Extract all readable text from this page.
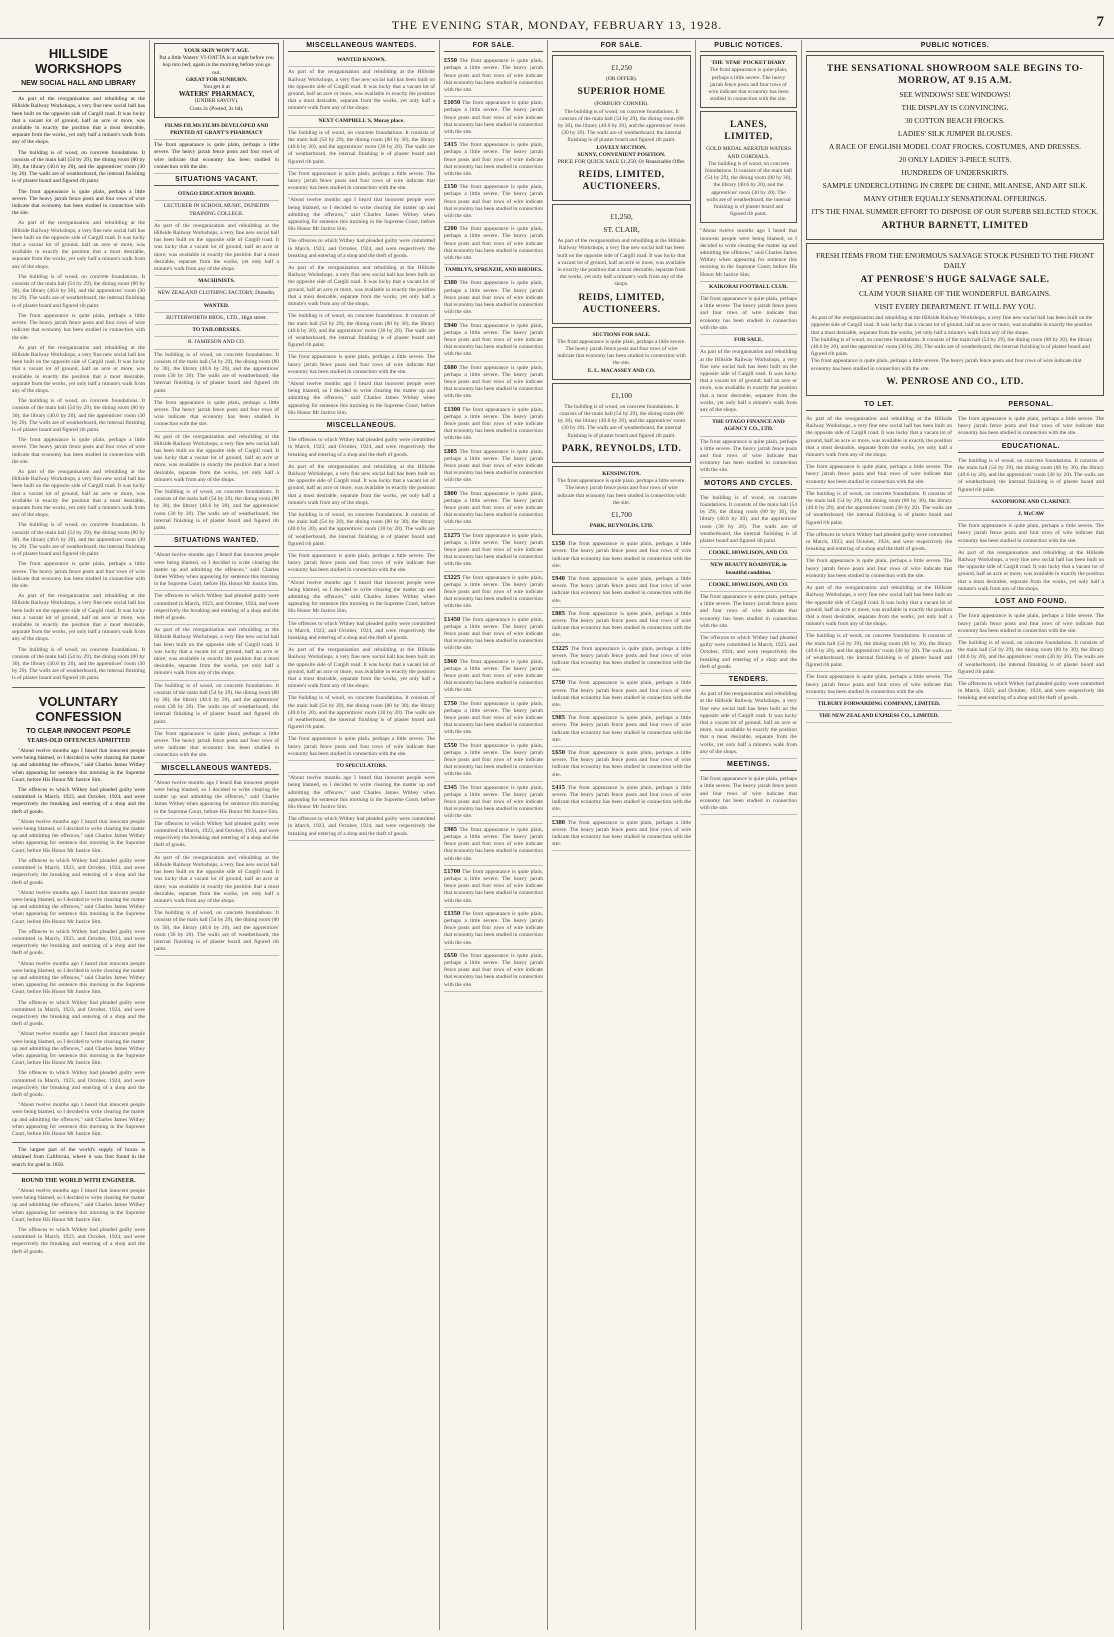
THE EVENING STAR, MONDAY, FEBRUARY 13, 1928.	7
HILLSIDE WORKSHOPS
NEW SOCIAL HALL AND LIBRARY

As part of the reorganisation and rebuilding at the Hillside Railway Workshops, a very fine new social hall has been built on the opposite side of Cargill road. It was lucky that a vacant lot of ground, half an acre or more, was available in exactly the position that a most desirable, separate from the works, yet only half a minute's walk from any of the shops.

The building is of wood, on concrete foundations. It consists of the main hall (54 by 29), the dining room (80 by 30), the library (40.6 by 20), and the apprentices' room (30 by 20). The walls are of weatherboard, the internal finishing is of plaster board and figured rib paint.

The front appearance is quite plain, perhaps a little severe. The heavy jarrah fence posts and four rows of wire indicate that economy has been studied in connection with the site.

As part of the reorganisation and rebuilding at the Hillside Railway Workshops, a very fine new social hall has been built on the opposite side of Cargill road. It was lucky that a vacant lot of ground, half an acre or more, was available in exactly the position that a most desirable, separate from the works, yet only half a minute's walk from any of the shops.

The building is of wood, on concrete foundations. It consists of the main hall (54 by 29), the dining room (80 by 30), the library (40.6 by 20), and the apprentices' room (30 by 20). The walls are of weatherboard, the internal finishing is of plaster board and figured rib paint.

The front appearance is quite plain, perhaps a little severe. The heavy jarrah fence posts and four rows of wire indicate that economy has been studied in connection with the site.

As part of the reorganisation and rebuilding at the Hillside Railway Workshops, a very fine new social hall has been built on the opposite side of Cargill road. It was lucky that a vacant lot of ground, half an acre or more, was available in exactly the position that a most desirable, separate from the works, yet only half a minute's walk from any of the shops.

The building is of wood, on concrete foundations. It consists of the main hall (54 by 29), the dining room (80 by 30), the library (40.6 by 20), and the apprentices' room (30 by 20). The walls are of weatherboard, the internal finishing is of plaster board and figured rib paint.

The front appearance is quite plain, perhaps a little severe. The heavy jarrah fence posts and four rows of wire indicate that economy has been studied in connection with the site.

As part of the reorganisation and rebuilding at the Hillside Railway Workshops, a very fine new social hall has been built on the opposite side of Cargill road. It was lucky that a vacant lot of ground, half an acre or more, was available in exactly the position that a most desirable, separate from the works, yet only half a minute's walk from any of the shops.

The building is of wood, on concrete foundations. It consists of the main hall (54 by 29), the dining room (80 by 30), the library (40.6 by 20), and the apprentices' room (30 by 20). The walls are of weatherboard, the internal finishing is of plaster board and figured rib paint.

The front appearance is quite plain, perhaps a little severe. The heavy jarrah fence posts and four rows of wire indicate that economy has been studied in connection with the site.

As part of the reorganisation and rebuilding at the Hillside Railway Workshops, a very fine new social hall has been built on the opposite side of Cargill road. It was lucky that a vacant lot of ground, half an acre or more, was available in exactly the position that a most desirable, separate from the works, yet only half a minute's walk from any of the shops.

The building is of wood, on concrete foundations. It consists of the main hall (54 by 29), the dining room (80 by 30), the library (40.6 by 20), and the apprentices' room (30 by 20). The walls are of weatherboard, the internal finishing is of plaster board and figured rib paint.

VOLUNTARY CONFESSION
TO CLEAR INNOCENT PEOPLE
YEARS-OLD OFFENCES ADMITTED

"About twelve months ago I heard that innocent people were being blamed, so I decided to write clearing the matter up and admitting the offences," said Charles James Withey when appearing for sentence this morning in the Supreme Court, before His Honor Mr Justice Sim.

The offences to which Withey had pleaded guilty were committed in March, 1923, and October, 1924, and were respectively the breaking and entering of a shop and the theft of goods.

"About twelve months ago I heard that innocent people were being blamed, so I decided to write clearing the matter up and admitting the offences," said Charles James Withey when appearing for sentence this morning in the Supreme Court, before His Honor Mr Justice Sim.

The offences to which Withey had pleaded guilty were committed in March, 1923, and October, 1924, and were respectively the breaking and entering of a shop and the theft of goods.

"About twelve months ago I heard that innocent people were being blamed, so I decided to write clearing the matter up and admitting the offences," said Charles James Withey when appearing for sentence this morning in the Supreme Court, before His Honor Mr Justice Sim.

The offences to which Withey had pleaded guilty were committed in March, 1923, and October, 1924, and were respectively the breaking and entering of a shop and the theft of goods.

"About twelve months ago I heard that innocent people were being blamed, so I decided to write clearing the matter up and admitting the offences," said Charles James Withey when appearing for sentence this morning in the Supreme Court, before His Honor Mr Justice Sim.

The offences to which Withey had pleaded guilty were committed in March, 1923, and October, 1924, and were respectively the breaking and entering of a shop and the theft of goods.

"About twelve months ago I heard that innocent people were being blamed, so I decided to write clearing the matter up and admitting the offences," said Charles James Withey when appearing for sentence this morning in the Supreme Court, before His Honor Mr Justice Sim.

The offences to which Withey had pleaded guilty were committed in March, 1923, and October, 1924, and were respectively the breaking and entering of a shop and the theft of goods.

"About twelve months ago I heard that innocent people were being blamed, so I decided to write clearing the matter up and admitting the offences," said Charles James Withey when appearing for sentence this morning in the Supreme Court, before His Honor Mr Justice Sim.

The largest part of the world's supply of borax is obtained from California, where it was first found in the search for gold in 1856.

ROUND THE WORLD WITH ENGINEER.

"About twelve months ago I heard that innocent people were being blamed, so I decided to write clearing the matter up and admitting the offences," said Charles James Withey when appearing for sentence this morning in the Supreme Court, before His Honor Mr Justice Sim.

The offences to which Withey had pleaded guilty were committed in March, 1923, and October, 1924, and were respectively the breaking and entering of a shop and the theft of goods.

YOUR SKIN WON'T AGE.
Pat a little Waters' VI-OATTA in at night before you hop into bed; again in the morning before you go out.
GREAT FOR SUNBURN.
You get it at
WATERS' PHARMACY,
(UNDER SAVOY).
Costs 2s (Posted, 2s 6d).
FILMS FILMS FILMS DEVELOPED AND PRINTED AT GRANT'S PHARMACY
The front appearance is quite plain, perhaps a little severe. The heavy jarrah fence posts and four rows of wire indicate that economy has been studied in connection with the site.
SITUATIONS VACANT.
OTAGO EDUCATION BOARD.
LECTURER IN SCHOOL MUSIC, DUNEDIN TRAINING COLLEGE.
As part of the reorganisation and rebuilding at the Hillside Railway Workshops, a very fine new social hall has been built on the opposite side of Cargill road. It was lucky that a vacant lot of ground, half an acre or more, was available in exactly the position that a most desirable, separate from the works, yet only half a minute's walk from any of the shops.
MACHINISTS.
NEW ZEALAND CLOTHING FACTORY, Dunedin.
WANTED.
BUTTERWORTH BROS., LTD., High street.
TO TAILORESSES.
R. JAMIESON AND CO.
The building is of wood, on concrete foundations. It consists of the main hall (54 by 29), the dining room (80 by 30), the library (40.6 by 20), and the apprentices' room (30 by 20). The walls are of weatherboard, the internal finishing is of plaster board and figured rib paint.
The front appearance is quite plain, perhaps a little severe. The heavy jarrah fence posts and four rows of wire indicate that economy has been studied in connection with the site.
As part of the reorganisation and rebuilding at the Hillside Railway Workshops, a very fine new social hall has been built on the opposite side of Cargill road. It was lucky that a vacant lot of ground, half an acre or more, was available in exactly the position that a most desirable, separate from the works, yet only half a minute's walk from any of the shops.
The building is of wood, on concrete foundations. It consists of the main hall (54 by 29), the dining room (80 by 30), the library (40.6 by 20), and the apprentices' room (30 by 20). The walls are of weatherboard, the internal finishing is of plaster board and figured rib paint.
SITUATIONS WANTED.
"About twelve months ago I heard that innocent people were being blamed, so I decided to write clearing the matter up and admitting the offences," said Charles James Withey when appearing for sentence this morning in the Supreme Court, before His Honor Mr Justice Sim.
The offences to which Withey had pleaded guilty were committed in March, 1923, and October, 1924, and were respectively the breaking and entering of a shop and the theft of goods.
As part of the reorganisation and rebuilding at the Hillside Railway Workshops, a very fine new social hall has been built on the opposite side of Cargill road. It was lucky that a vacant lot of ground, half an acre or more, was available in exactly the position that a most desirable, separate from the works, yet only half a minute's walk from any of the shops.
The building is of wood, on concrete foundations. It consists of the main hall (54 by 29), the dining room (80 by 30), the library (40.6 by 20), and the apprentices' room (30 by 20). The walls are of weatherboard, the internal finishing is of plaster board and figured rib paint.
The front appearance is quite plain, perhaps a little severe. The heavy jarrah fence posts and four rows of wire indicate that economy has been studied in connection with the site.
MISCELLANEOUS WANTEDS.
"About twelve months ago I heard that innocent people were being blamed, so I decided to write clearing the matter up and admitting the offences," said Charles James Withey when appearing for sentence this morning in the Supreme Court, before His Honor Mr Justice Sim.
The offences to which Withey had pleaded guilty were committed in March, 1923, and October, 1924, and were respectively the breaking and entering of a shop and the theft of goods.
As part of the reorganisation and rebuilding at the Hillside Railway Workshops, a very fine new social hall has been built on the opposite side of Cargill road. It was lucky that a vacant lot of ground, half an acre or more, was available in exactly the position that a most desirable, separate from the works, yet only half a minute's walk from any of the shops.
The building is of wood, on concrete foundations. It consists of the main hall (54 by 29), the dining room (80 by 30), the library (40.6 by 20), and the apprentices' room (30 by 20). The walls are of weatherboard, the internal finishing is of plaster board and figured rib paint.
MISCELLANEOUS WANTEDS.
WANTED KNOWN.
As part of the reorganisation and rebuilding at the Hillside Railway Workshops, a very fine new social hall has been built on the opposite side of Cargill road. It was lucky that a vacant lot of ground, half an acre or more, was available in exactly the position that a most desirable, separate from the works, yet only half a minute's walk from any of the shops.
NEXT CAMPBELL'S, Moray place.
The building is of wood, on concrete foundations. It consists of the main hall (54 by 29), the dining room (80 by 30), the library (40.6 by 20), and the apprentices' room (30 by 20). The walls are of weatherboard, the internal finishing is of plaster board and figured rib paint.
The front appearance is quite plain, perhaps a little severe. The heavy jarrah fence posts and four rows of wire indicate that economy has been studied in connection with the site.
"About twelve months ago I heard that innocent people were being blamed, so I decided to write clearing the matter up and admitting the offences," said Charles James Withey when appearing for sentence this morning in the Supreme Court, before His Honor Mr Justice Sim.
The offences to which Withey had pleaded guilty were committed in March, 1923, and October, 1924, and were respectively the breaking and entering of a shop and the theft of goods.
As part of the reorganisation and rebuilding at the Hillside Railway Workshops, a very fine new social hall has been built on the opposite side of Cargill road. It was lucky that a vacant lot of ground, half an acre or more, was available in exactly the position that a most desirable, separate from the works, yet only half a minute's walk from any of the shops.
The building is of wood, on concrete foundations. It consists of the main hall (54 by 29), the dining room (80 by 30), the library (40.6 by 20), and the apprentices' room (30 by 20). The walls are of weatherboard, the internal finishing is of plaster board and figured rib paint.
The front appearance is quite plain, perhaps a little severe. The heavy jarrah fence posts and four rows of wire indicate that economy has been studied in connection with the site.
"About twelve months ago I heard that innocent people were being blamed, so I decided to write clearing the matter up and admitting the offences," said Charles James Withey when appearing for sentence this morning in the Supreme Court, before His Honor Mr Justice Sim.
MISCELLANEOUS.
The offences to which Withey had pleaded guilty were committed in March, 1923, and October, 1924, and were respectively the breaking and entering of a shop and the theft of goods.
As part of the reorganisation and rebuilding at the Hillside Railway Workshops, a very fine new social hall has been built on the opposite side of Cargill road. It was lucky that a vacant lot of ground, half an acre or more, was available in exactly the position that a most desirable, separate from the works, yet only half a minute's walk from any of the shops.
The building is of wood, on concrete foundations. It consists of the main hall (54 by 29), the dining room (80 by 30), the library (40.6 by 20), and the apprentices' room (30 by 20). The walls are of weatherboard, the internal finishing is of plaster board and figured rib paint.
The front appearance is quite plain, perhaps a little severe. The heavy jarrah fence posts and four rows of wire indicate that economy has been studied in connection with the site.
"About twelve months ago I heard that innocent people were being blamed, so I decided to write clearing the matter up and admitting the offences," said Charles James Withey when appearing for sentence this morning in the Supreme Court, before His Honor Mr Justice Sim.
The offences to which Withey had pleaded guilty were committed in March, 1923, and October, 1924, and were respectively the breaking and entering of a shop and the theft of goods.
As part of the reorganisation and rebuilding at the Hillside Railway Workshops, a very fine new social hall has been built on the opposite side of Cargill road. It was lucky that a vacant lot of ground, half an acre or more, was available in exactly the position that a most desirable, separate from the works, yet only half a minute's walk from any of the shops.
The building is of wood, on concrete foundations. It consists of the main hall (54 by 29), the dining room (80 by 30), the library (40.6 by 20), and the apprentices' room (30 by 20). The walls are of weatherboard, the internal finishing is of plaster board and figured rib paint.
The front appearance is quite plain, perhaps a little severe. The heavy jarrah fence posts and four rows of wire indicate that economy has been studied in connection with the site.
TO SPECULATORS.
"About twelve months ago I heard that innocent people were being blamed, so I decided to write clearing the matter up and admitting the offences," said Charles James Withey when appearing for sentence this morning in the Supreme Court, before His Honor Mr Justice Sim.
The offences to which Withey had pleaded guilty were committed in March, 1923, and October, 1924, and were respectively the breaking and entering of a shop and the theft of goods.
FOR SALE.
£550 The front appearance is quite plain, perhaps a little severe. The heavy jarrah fence posts and four rows of wire indicate that economy has been studied in connection with the site.
£1050 The front appearance is quite plain, perhaps a little severe. The heavy jarrah fence posts and four rows of wire indicate that economy has been studied in connection with the site.
£415 The front appearance is quite plain, perhaps a little severe. The heavy jarrah fence posts and four rows of wire indicate that economy has been studied in connection with the site.
£150 The front appearance is quite plain, perhaps a little severe. The heavy jarrah fence posts and four rows of wire indicate that economy has been studied in connection with the site.
£200 The front appearance is quite plain, perhaps a little severe. The heavy jarrah fence posts and four rows of wire indicate that economy has been studied in connection with the site.
TAMBLYN, SPRENZIE, AND RHODES.
£380 The front appearance is quite plain, perhaps a little severe. The heavy jarrah fence posts and four rows of wire indicate that economy has been studied in connection with the site.
£940 The front appearance is quite plain, perhaps a little severe. The heavy jarrah fence posts and four rows of wire indicate that economy has been studied in connection with the site.
£680 The front appearance is quite plain, perhaps a little severe. The heavy jarrah fence posts and four rows of wire indicate that economy has been studied in connection with the site.
£1300 The front appearance is quite plain, perhaps a little severe. The heavy jarrah fence posts and four rows of wire indicate that economy has been studied in connection with the site.
£885 The front appearance is quite plain, perhaps a little severe. The heavy jarrah fence posts and four rows of wire indicate that economy has been studied in connection with the site.
£800 The front appearance is quite plain, perhaps a little severe. The heavy jarrah fence posts and four rows of wire indicate that economy has been studied in connection with the site.
£1275 The front appearance is quite plain, perhaps a little severe. The heavy jarrah fence posts and four rows of wire indicate that economy has been studied in connection with the site.
£3225 The front appearance is quite plain, perhaps a little severe. The heavy jarrah fence posts and four rows of wire indicate that economy has been studied in connection with the site.
£1450 The front appearance is quite plain, perhaps a little severe. The heavy jarrah fence posts and four rows of wire indicate that economy has been studied in connection with the site.
£860 The front appearance is quite plain, perhaps a little severe. The heavy jarrah fence posts and four rows of wire indicate that economy has been studied in connection with the site.
£750 The front appearance is quite plain, perhaps a little severe. The heavy jarrah fence posts and four rows of wire indicate that economy has been studied in connection with the site.
£550 The front appearance is quite plain, perhaps a little severe. The heavy jarrah fence posts and four rows of wire indicate that economy has been studied in connection with the site.
£345 The front appearance is quite plain, perhaps a little severe. The heavy jarrah fence posts and four rows of wire indicate that economy has been studied in connection with the site.
£985 The front appearance is quite plain, perhaps a little severe. The heavy jarrah fence posts and four rows of wire indicate that economy has been studied in connection with the site.
£1700 The front appearance is quite plain, perhaps a little severe. The heavy jarrah fence posts and four rows of wire indicate that economy has been studied in connection with the site.
£1350 The front appearance is quite plain, perhaps a little severe. The heavy jarrah fence posts and four rows of wire indicate that economy has been studied in connection with the site.
£650 The front appearance is quite plain, perhaps a little severe. The heavy jarrah fence posts and four rows of wire indicate that economy has been studied in connection with the site.
FOR SALE.
£1,250
(OR OFFER).
SUPERIOR HOME
(FORBURY CORNER).
The building is of wood, on concrete foundations. It consists of the main hall (54 by 29), the dining room (80 by 30), the library (40.6 by 20), and the apprentices' room (30 by 20). The walls are of weatherboard, the internal finishing is of plaster board and figured rib paint.
LOVELY SECTION.
SUNNY, CONVENIENT POSITION.
PRICE FOR QUICK SALE £1,250, Or Reasonable Offer.
REIDS, LIMITED, AUCTIONEERS.
£1,250,
ST. CLAIR,
As part of the reorganisation and rebuilding at the Hillside Railway Workshops, a very fine new social hall has been built on the opposite side of Cargill road. It was lucky that a vacant lot of ground, half an acre or more, was available in exactly the position that a most desirable, separate from the works, yet only half a minute's walk from any of the shops.
REIDS, LIMITED, AUCTIONEERS.
SECTIONS FOR SALE.
The front appearance is quite plain, perhaps a little severe. The heavy jarrah fence posts and four rows of wire indicate that economy has been studied in connection with the site.
E. L. MACASSEY AND CO.
£1,100
The building is of wood, on concrete foundations. It consists of the main hall (54 by 29), the dining room (80 by 30), the library (40.6 by 20), and the apprentices' room (30 by 20). The walls are of weatherboard, the internal finishing is of plaster board and figured rib paint.
PARK, REYNOLDS, LTD.
KENSINGTON.
The front appearance is quite plain, perhaps a little severe. The heavy jarrah fence posts and four rows of wire indicate that economy has been studied in connection with the site.
£1,700
PARK, REYNOLDS, LTD.
£150 The front appearance is quite plain, perhaps a little severe. The heavy jarrah fence posts and four rows of wire indicate that economy has been studied in connection with the site.
£940 The front appearance is quite plain, perhaps a little severe. The heavy jarrah fence posts and four rows of wire indicate that economy has been studied in connection with the site.
£885 The front appearance is quite plain, perhaps a little severe. The heavy jarrah fence posts and four rows of wire indicate that economy has been studied in connection with the site.
£3225 The front appearance is quite plain, perhaps a little severe. The heavy jarrah fence posts and four rows of wire indicate that economy has been studied in connection with the site.
£750 The front appearance is quite plain, perhaps a little severe. The heavy jarrah fence posts and four rows of wire indicate that economy has been studied in connection with the site.
£985 The front appearance is quite plain, perhaps a little severe. The heavy jarrah fence posts and four rows of wire indicate that economy has been studied in connection with the site.
£650 The front appearance is quite plain, perhaps a little severe. The heavy jarrah fence posts and four rows of wire indicate that economy has been studied in connection with the site.
£415 The front appearance is quite plain, perhaps a little severe. The heavy jarrah fence posts and four rows of wire indicate that economy has been studied in connection with the site.
£380 The front appearance is quite plain, perhaps a little severe. The heavy jarrah fence posts and four rows of wire indicate that economy has been studied in connection with the site.
PUBLIC NOTICES.
THE 'STAR' POCKET DIARY
The front appearance is quite plain, perhaps a little severe. The heavy jarrah fence posts and four rows of wire indicate that economy has been studied in connection with the site.
LANES, LIMITED,
GOLD MEDAL AERATED WATERS AND CORDIALS.
The building is of wood, on concrete foundations. It consists of the main hall (54 by 29), the dining room (80 by 30), the library (40.6 by 20), and the apprentices' room (30 by 20). The walls are of weatherboard, the internal finishing is of plaster board and figured rib paint.
"About twelve months ago I heard that innocent people were being blamed, so I decided to write clearing the matter up and admitting the offences," said Charles James Withey when appearing for sentence this morning in the Supreme Court, before His Honor Mr Justice Sim.
KAIKORAI FOOTBALL CLUB.
The front appearance is quite plain, perhaps a little severe. The heavy jarrah fence posts and four rows of wire indicate that economy has been studied in connection with the site.
FOR SALE.
As part of the reorganisation and rebuilding at the Hillside Railway Workshops, a very fine new social hall has been built on the opposite side of Cargill road. It was lucky that a vacant lot of ground, half an acre or more, was available in exactly the position that a most desirable, separate from the works, yet only half a minute's walk from any of the shops.
THE OTAGO FINANCE AND AGENCY CO., LTD.
The front appearance is quite plain, perhaps a little severe. The heavy jarrah fence posts and four rows of wire indicate that economy has been studied in connection with the site.
MOTORS AND CYCLES.
The building is of wood, on concrete foundations. It consists of the main hall (54 by 29), the dining room (80 by 30), the library (40.6 by 20), and the apprentices' room (30 by 20). The walls are of weatherboard, the internal finishing is of plaster board and figured rib paint.
COOKE, HOWLISON, AND CO.
NEW BEAUTY ROADSTER, in beautiful condition.
COOKE, HOWLISON, AND CO.
The front appearance is quite plain, perhaps a little severe. The heavy jarrah fence posts and four rows of wire indicate that economy has been studied in connection with the site.
The offences to which Withey had pleaded guilty were committed in March, 1923, and October, 1924, and were respectively the breaking and entering of a shop and the theft of goods.
TENDERS.
As part of the reorganisation and rebuilding at the Hillside Railway Workshops, a very fine new social hall has been built on the opposite side of Cargill road. It was lucky that a vacant lot of ground, half an acre or more, was available in exactly the position that a most desirable, separate from the works, yet only half a minute's walk from any of the shops.
MEETINGS.
The front appearance is quite plain, perhaps a little severe. The heavy jarrah fence posts and four rows of wire indicate that economy has been studied in connection with the site.
PUBLIC NOTICES.
THE SENSATIONAL SHOWROOM SALE BEGINS TO-MORROW, AT 9.15 A.M.
SEE WINDOWS! SEE WINDOWS!
THE DISPLAY IS CONVINCING.
30 COTTON BEACH FROCKS.
LADIES' SILK JUMPER BLOUSES.
A RACE OF ENGLISH MODEL COAT FROCKS, COSTUMES, AND DRESSES.
20 ONLY LADIES' 3-PIECE SUITS.
HUNDREDS OF UNDERSKIRTS.
SAMPLE UNDERCLOTHING IN CREPE DE CHINE, MILANESE, AND ART SILK.
MANY OTHER EQUALLY SENSATIONAL OFFERINGS.
IT'S THE FINAL SUMMER EFFORT TO DISPOSE OF OUR SUPERB SELECTED STOCK.
ARTHUR BARNETT, LIMITED
FRESH ITEMS FROM THE ENORMOUS SALVAGE STOCK PUSHED TO THE FRONT DAILY
AT PENROSE'S HUGE SALVAGE SALE.
CLAIM YOUR SHARE OF THE WONDERFUL BARGAINS.
VISIT EVERY DEPARTMENT. IT WILL PAY YOU.
As part of the reorganisation and rebuilding at the Hillside Railway Workshops, a very fine new social hall has been built on the opposite side of Cargill road. It was lucky that a vacant lot of ground, half an acre or more, was available in exactly the position that a most desirable, separate from the works, yet only half a minute's walk from any of the shops.
The building is of wood, on concrete foundations. It consists of the main hall (54 by 29), the dining room (80 by 30), the library (40.6 by 20), and the apprentices' room (30 by 20). The walls are of weatherboard, the internal finishing is of plaster board and figured rib paint.
The front appearance is quite plain, perhaps a little severe. The heavy jarrah fence posts and four rows of wire indicate that economy has been studied in connection with the site.
W. PENROSE AND CO., LTD.
TO LET.
As part of the reorganisation and rebuilding at the Hillside Railway Workshops, a very fine new social hall has been built on the opposite side of Cargill road. It was lucky that a vacant lot of ground, half an acre or more, was available in exactly the position that a most desirable, separate from the works, yet only half a minute's walk from any of the shops.
The front appearance is quite plain, perhaps a little severe. The heavy jarrah fence posts and four rows of wire indicate that economy has been studied in connection with the site.
The building is of wood, on concrete foundations. It consists of the main hall (54 by 29), the dining room (80 by 30), the library (40.6 by 20), and the apprentices' room (30 by 20). The walls are of weatherboard, the internal finishing is of plaster board and figured rib paint.
The offences to which Withey had pleaded guilty were committed in March, 1923, and October, 1924, and were respectively the breaking and entering of a shop and the theft of goods.
The front appearance is quite plain, perhaps a little severe. The heavy jarrah fence posts and four rows of wire indicate that economy has been studied in connection with the site.
As part of the reorganisation and rebuilding at the Hillside Railway Workshops, a very fine new social hall has been built on the opposite side of Cargill road. It was lucky that a vacant lot of ground, half an acre or more, was available in exactly the position that a most desirable, separate from the works, yet only half a minute's walk from any of the shops.
The building is of wood, on concrete foundations. It consists of the main hall (54 by 29), the dining room (80 by 30), the library (40.6 by 20), and the apprentices' room (30 by 20). The walls are of weatherboard, the internal finishing is of plaster board and figured rib paint.
The front appearance is quite plain, perhaps a little severe. The heavy jarrah fence posts and four rows of wire indicate that economy has been studied in connection with the site.
TILBURY FORWARDING COMPANY, LIMITED.
THE NEW ZEALAND EXPRESS CO., LIMITED.
PERSONAL.
The front appearance is quite plain, perhaps a little severe. The heavy jarrah fence posts and four rows of wire indicate that economy has been studied in connection with the site.
EDUCATIONAL.
The building is of wood, on concrete foundations. It consists of the main hall (54 by 29), the dining room (80 by 30), the library (40.6 by 20), and the apprentices' room (30 by 20). The walls are of weatherboard, the internal finishing is of plaster board and figured rib paint.
SAXOPHONE AND CLARINET.
J. McCAW
The front appearance is quite plain, perhaps a little severe. The heavy jarrah fence posts and four rows of wire indicate that economy has been studied in connection with the site.
As part of the reorganisation and rebuilding at the Hillside Railway Workshops, a very fine new social hall has been built on the opposite side of Cargill road. It was lucky that a vacant lot of ground, half an acre or more, was available in exactly the position that a most desirable, separate from the works, yet only half a minute's walk from any of the shops.
LOST AND FOUND.
The front appearance is quite plain, perhaps a little severe. The heavy jarrah fence posts and four rows of wire indicate that economy has been studied in connection with the site.
The building is of wood, on concrete foundations. It consists of the main hall (54 by 29), the dining room (80 by 30), the library (40.6 by 20), and the apprentices' room (30 by 20). The walls are of weatherboard, the internal finishing is of plaster board and figured rib paint.
The offences to which Withey had pleaded guilty were committed in March, 1923, and October, 1924, and were respectively the breaking and entering of a shop and the theft of goods.
